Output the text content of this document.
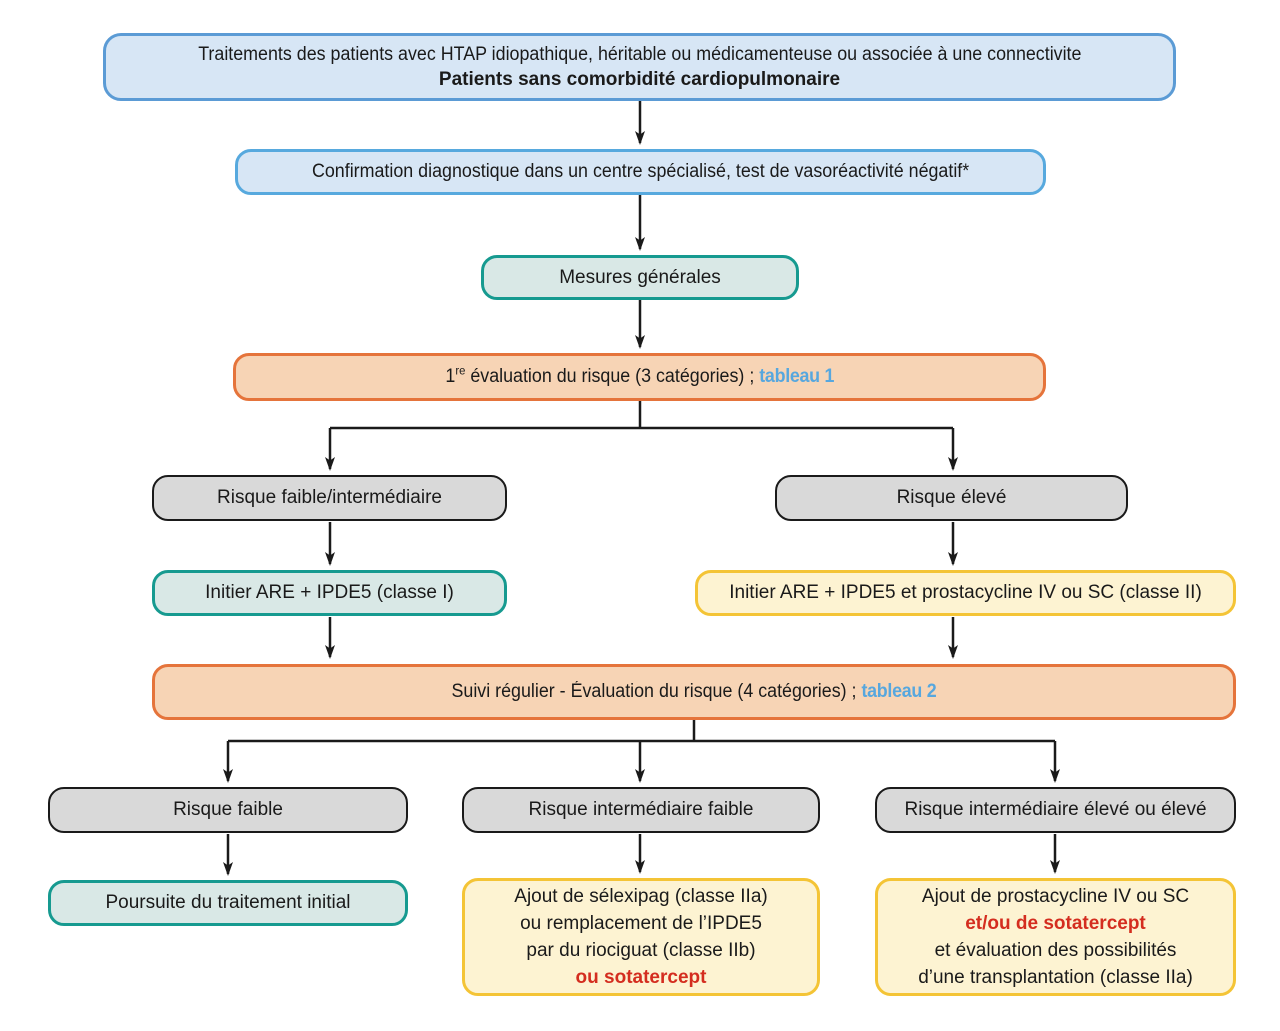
Traitements des patients avec HTAP idiopathique, héritable ou médicamenteuse ou associée à une connectivite
Patients sans comorbidité cardiopulmonaire
Confirmation diagnostique dans un centre spécialisé, test de vasoréactivité négatif*
Mesures générales
1re évaluation du risque (3 catégories) ; tableau 1
Risque faible/intermédiaire	Risque élevé
Initier ARE + IPDE5 (classe I)	Initier ARE + IPDE5 et prostacycline IV ou SC (classe II)
Suivi régulier - Évaluation du risque (4 catégories) ; tableau 2
Risque faible	Risque intermédiaire faible	Risque intermédiaire élevé ou élevé
Poursuite du traitement initial	Ajout de sélexipag (classe IIa)
ou remplacement de l’IPDE5
par du riociguat (classe IIb)
ou sotatercept
Ajout de prostacycline IV ou SC
et/ou de sotatercept
et évaluation des possibilités
d’une transplantation (classe IIa)
